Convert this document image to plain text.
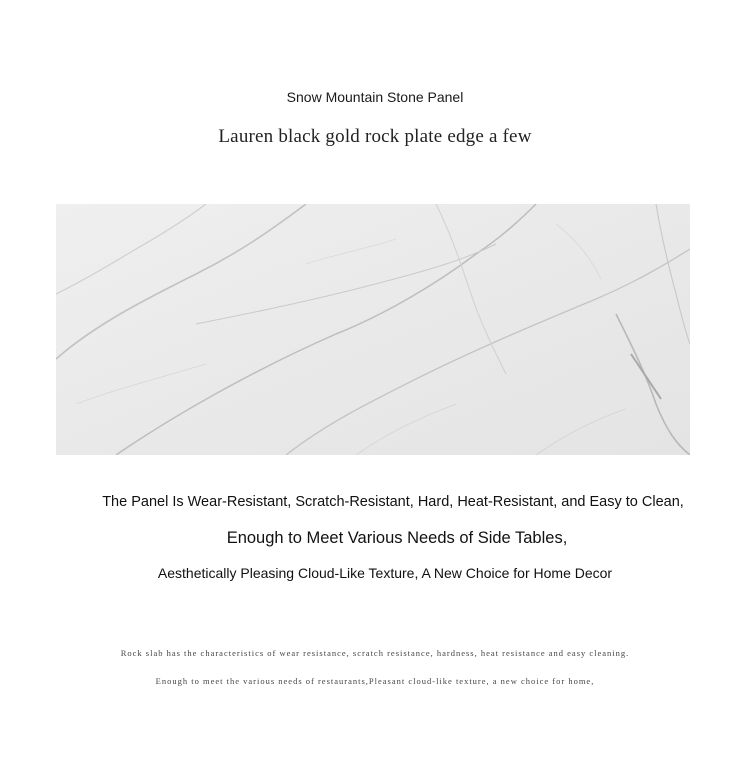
Snow Mountain Stone Panel
Lauren black gold rock plate edge a few
The Panel Is Wear-Resistant, Scratch-Resistant, Hard, Heat-Resistant, and Easy to Clean,
Enough to Meet Various Needs of Side Tables,
Aesthetically Pleasing Cloud-Like Texture, A New Choice for Home Decor
Rock slab has the characteristics of wear resistance, scratch resistance, hardness, heat resistance and easy cleaning.
Enough to meet the various needs of restaurants,Pleasant cloud-like texture, a new choice for home,
